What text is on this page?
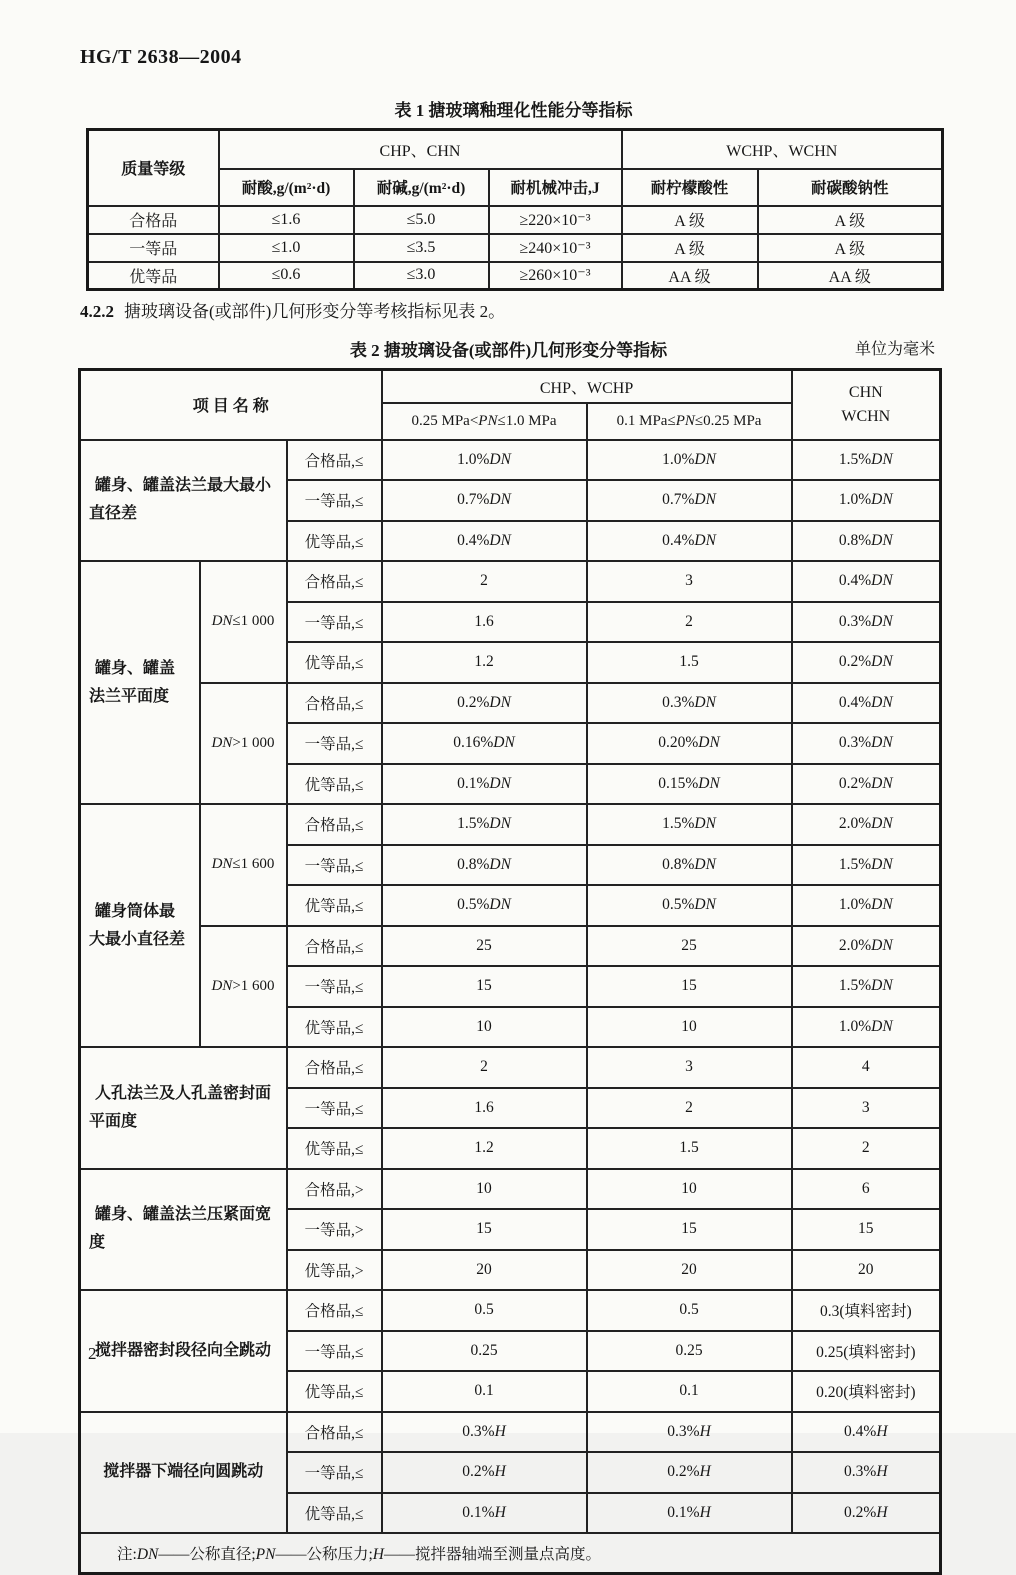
HG/T 2638—2004
表 1 搪玻璃釉理化性能分等指标
质量等级	CHP、CHN			WCHP、WCHN	
	耐酸,g/(m²·d)	耐碱,g/(m²·d)	耐机械冲击,J	耐柠檬酸性	耐碳酸钠性
合格品	≤1.6	≤5.0	≥220×10⁻³	A 级	A 级
一等品	≤1.0	≤3.5	≥240×10⁻³	A 级	A 级
优等品	≤0.6	≤3.0	≥260×10⁻³	AA 级	AA 级
4.2.2 搪玻璃设备(或部件)几何形变分等考核指标见表 2。
表 2 搪玻璃设备(或部件)几何形变分等指标	单位为毫米
项 目 名 称			CHP、WCHP		CHN
WCHN

			0.25 MPa<PN≤1.0 MPa	0.1 MPa≤PN≤0.25 MPa	
罐身、罐盖法兰最大最小直径差		合格品,≤	1.0%DN	1.0%DN	1.5%DN
		一等品,≤	0.7%DN	0.7%DN	1.0%DN
		优等品,≤	0.4%DN	0.4%DN	0.8%DN
罐身、罐盖法兰平面度	DN≤1 000	合格品,≤	2	3	0.4%DN
		一等品,≤	1.6	2	0.3%DN
		优等品,≤	1.2	1.5	0.2%DN
	DN>1 000	合格品,≤	0.2%DN	0.3%DN	0.4%DN
		一等品,≤	0.16%DN	0.20%DN	0.3%DN
		优等品,≤	0.1%DN	0.15%DN	0.2%DN
罐身筒体最大最小直径差	DN≤1 600	合格品,≤	1.5%DN	1.5%DN	2.0%DN
		一等品,≤	0.8%DN	0.8%DN	1.5%DN
		优等品,≤	0.5%DN	0.5%DN	1.0%DN
	DN>1 600	合格品,≤	25	25	2.0%DN
		一等品,≤	15	15	1.5%DN
		优等品,≤	10	10	1.0%DN
人孔法兰及人孔盖密封面平面度		合格品,≤	2	3	4
		一等品,≤	1.6	2	3
		优等品,≤	1.2	1.5	2
罐身、罐盖法兰压紧面宽度		合格品,>	10	10	6
		一等品,>	15	15	15
		优等品,>	20	20	20
搅拌器密封段径向全跳动		合格品,≤	0.5	0.5	0.3(填料密封)
		一等品,≤	0.25	0.25	0.25(填料密封)
		优等品,≤	0.1	0.1	0.20(填料密封)
搅拌器下端径向圆跳动		合格品,≤	0.3%H	0.3%H	0.4%H
		一等品,≤	0.2%H	0.2%H	0.3%H
		优等品,≤	0.1%H	0.1%H	0.2%H
注:DN——公称直径;PN——公称压力;H——搅拌器轴端至测量点高度。					
2
